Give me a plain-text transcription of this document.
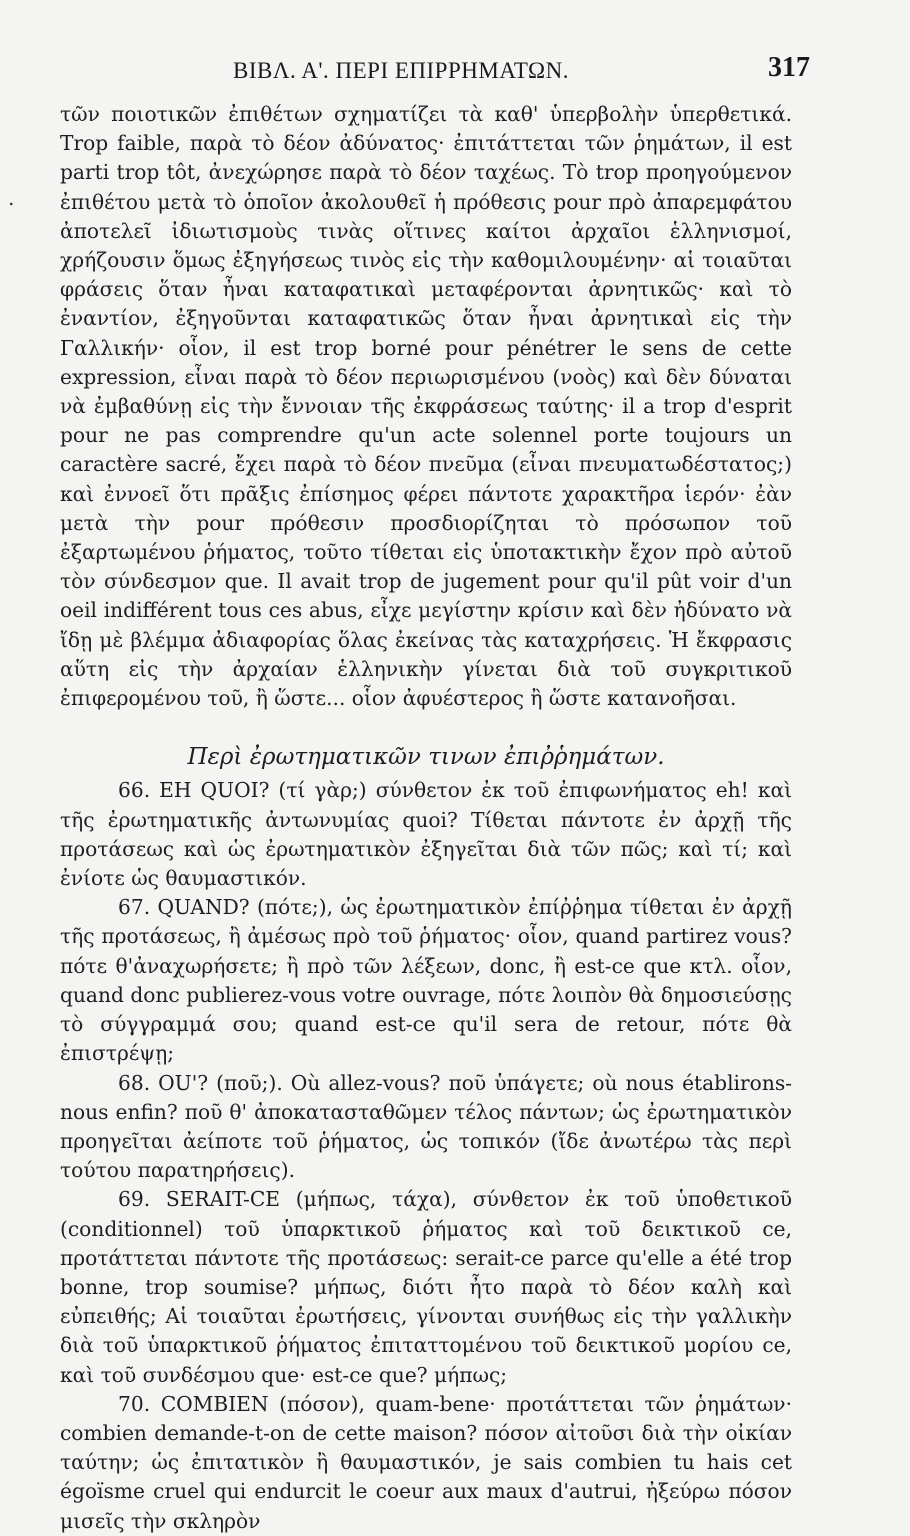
.
BIBΛ. Α'. ΠΕΡΙ ΕΠΙΡΡΗΜΑΤΩΝ.	317

τῶν ποιοτικῶν ἐπιθέτων σχηματίζει τὰ καθ' ὑπερβολὴν ὑπερθετικά. Trop faible, παρὰ τὸ δέον ἀδύνατος· ἐπιτάττεται τῶν ῥημάτων, il est parti trop tôt, ἀνεχώρησε παρὰ τὸ δέον ταχέως. Τὸ trop προηγούμενον ἐπιθέτου μετὰ τὸ ὁποῖον ἀκολουθεῖ ἡ πρόθεσις pour πρὸ ἀπαρεμφάτου ἀποτελεῖ ἰδιωτισμοὺς τινὰς οἵτινες καίτοι ἀρχαῖοι ἑλληνισμοί, χρήζουσιν ὅμως ἐξηγήσεως τινὸς εἰς τὴν καθομιλουμένην· αἱ τοιαῦται φράσεις ὅταν ἦναι καταφατικαὶ μεταφέρονται ἀρνητικῶς· καὶ τὸ ἐναντίον, ἐξηγοῦνται καταφατικῶς ὅταν ἦναι ἀρνητικαὶ εἰς τὴν Γαλλικήν· οἷον, il est trop borné pour pénétrer le sens de cette expression, εἶναι παρὰ τὸ δέον περιωρισμένου (νοὸς) καὶ δὲν δύναται νὰ ἐμβαθύνῃ εἰς τὴν ἔννοιαν τῆς ἐκφράσεως ταύτης· il a trop d'esprit pour ne pas comprendre qu'un acte solennel porte toujours un caractère sacré, ἔχει παρὰ τὸ δέον πνεῦμα (εἶναι πνευματωδέστατος;) καὶ ἐννοεῖ ὅτι πρᾶξις ἐπίσημος φέρει πάντοτε χαρακτῆρα ἱερόν· ἐὰν μετὰ τὴν pour πρόθεσιν προσδιορίζηται τὸ πρόσωπον τοῦ ἐξαρτωμένου ῥήματος, τοῦτο τίθεται εἰς ὑποτακτικὴν ἔχον πρὸ αὐτοῦ τὸν σύνδεσμον que. Il avait trop de jugement pour qu'il pût voir d'un oeil indifférent tous ces abus, εἶχε μεγίστην κρίσιν καὶ δὲν ἠδύνατο νὰ ἴδῃ μὲ βλέμμα ἀδιαφορίας ὅλας ἐκείνας τὰς καταχρήσεις. Ἡ ἔκφρασις αὕτη εἰς τὴν ἀρχαίαν ἑλληνικὴν γίνεται διὰ τοῦ συγκριτικοῦ ἐπιφερομένου τοῦ, ἢ ὥστε... οἷον ἀφυέστερος ἢ ὥστε κατανοῆσαι.

Περὶ ἐρωτηματικῶν τινων ἐπιῤῥημάτων.

66. EH QUOI? (τί γὰρ;) σύνθετον ἐκ τοῦ ἐπιφωνήματος eh! καὶ τῆς ἐρωτηματικῆς ἀντωνυμίας quoi? Τίθεται πάντοτε ἐν ἀρχῇ τῆς προτάσεως καὶ ὡς ἐρωτηματικὸν ἐξηγεῖται διὰ τῶν πῶς; καὶ τί; καὶ ἐνίοτε ὡς θαυμαστικόν.

67. QUAND? (πότε;), ὡς ἐρωτηματικὸν ἐπίῤῥημα τίθεται ἐν ἀρχῇ τῆς προτάσεως, ἢ ἀμέσως πρὸ τοῦ ῥήματος· οἷον, quand partirez vous? πότε θ'ἀναχωρήσετε; ἢ πρὸ τῶν λέξεων, donc, ἢ est-ce que κτλ. οἷον, quand donc publierez-vous votre ouvrage, πότε λοιπὸν θὰ δημοσιεύσῃς τὸ σύγγραμμά σου; quand est-ce qu'il sera de retour, πότε θὰ ἐπιστρέψῃ;

68. OU'? (ποῦ;). Où allez-vous? ποῦ ὑπάγετε; où nous établirons-nous enfin? ποῦ θ' ἀποκατασταθῶμεν τέλος πάντων; ὡς ἐρωτηματικὸν προηγεῖται ἀείποτε τοῦ ῥήματος, ὡς τοπικόν (ἴδε ἀνωτέρω τὰς περὶ τούτου παρατηρήσεις).

69. SERAIT-CE (μήπως, τάχα), σύνθετον ἐκ τοῦ ὑποθετικοῦ (conditionnel) τοῦ ὑπαρκτικοῦ ῥήματος καὶ τοῦ δεικτικοῦ ce, προτάττεται πάντοτε τῆς προτάσεως: serait-ce parce qu'elle a été trop bonne, trop soumise? μήπως, διότι ἦτο παρὰ τὸ δέον καλὴ καὶ εὐπειθής; Αἱ τοιαῦται ἐρωτήσεις, γίνονται συνήθως εἰς τὴν γαλλικὴν διὰ τοῦ ὑπαρκτικοῦ ῥήματος ἐπιταττομένου τοῦ δεικτικοῦ μορίου ce, καὶ τοῦ συνδέσμου que· est-ce que? μήπως;

70. COMBIEN (πόσον), quam-bene· προτάττεται τῶν ῥημάτων· combien demande-t-on de cette maison? πόσον αἰτοῦσι διὰ τὴν οἰκίαν ταύτην; ὡς ἐπιτατικὸν ἢ θαυμαστικόν, je sais combien tu hais cet égoïsme cruel qui endurcit le coeur aux maux d'autrui, ἠξεύρω πόσον μισεῖς τὴν σκληρὸν
